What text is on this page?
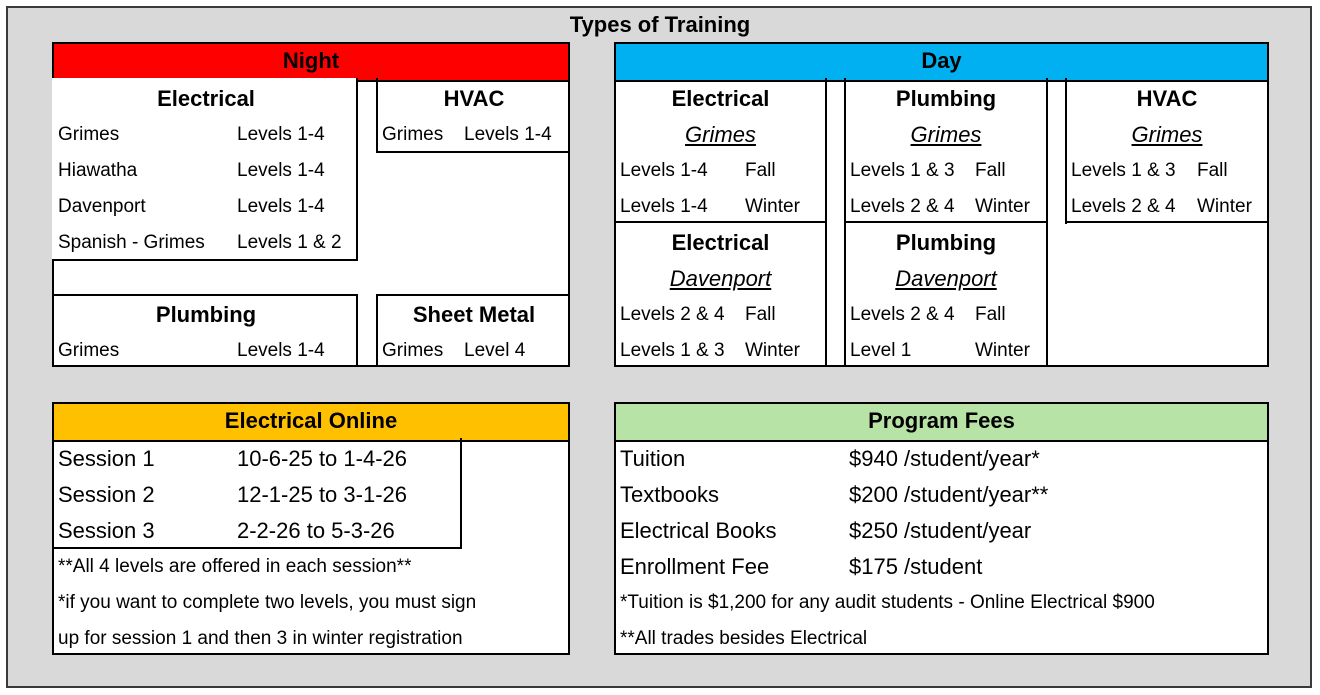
Types of Training
Night
Electrical
Grimes	Levels 1-4
Hiawatha	Levels 1-4
Davenport	Levels 1-4
Spanish - Grimes Levels 1 & 2
HVAC
Grimes Levels 1-4
Plumbing
Grimes	Levels 1-4
Sheet Metal
Grimes Level 4
Day
Electrical
Grimes
Levels 1-4 Fall
Levels 1-4 Winter
Plumbing
Grimes
Levels 1 & 3 Fall
Levels 2 & 4 Winter
HVAC
Grimes
Levels 1 & 3 Fall
Levels 2 & 4 Winter
Electrical
Davenport
Levels 2 & 4 Fall
Levels 1 & 3 Winter
Plumbing
Davenport
Levels 2 & 4 Fall
Level 1	Winter
Electrical Online
Session 1	10-6-25 to 1-4-26
Session 2	12-1-25 to 3-1-26
Session 3	2-2-26 to 5-3-26
**All 4 levels are offered in each session**
*if you want to complete two levels, you must sign
up for session 1 and then 3 in winter registration
Program Fees
Tuition	$940 /student/year*
Textbooks	$200 /student/year**
Electrical Books	$250 /student/year
Enrollment Fee	$175 /student
*Tuition is $1,200 for any audit students - Online Electrical $900
**All trades besides Electrical
